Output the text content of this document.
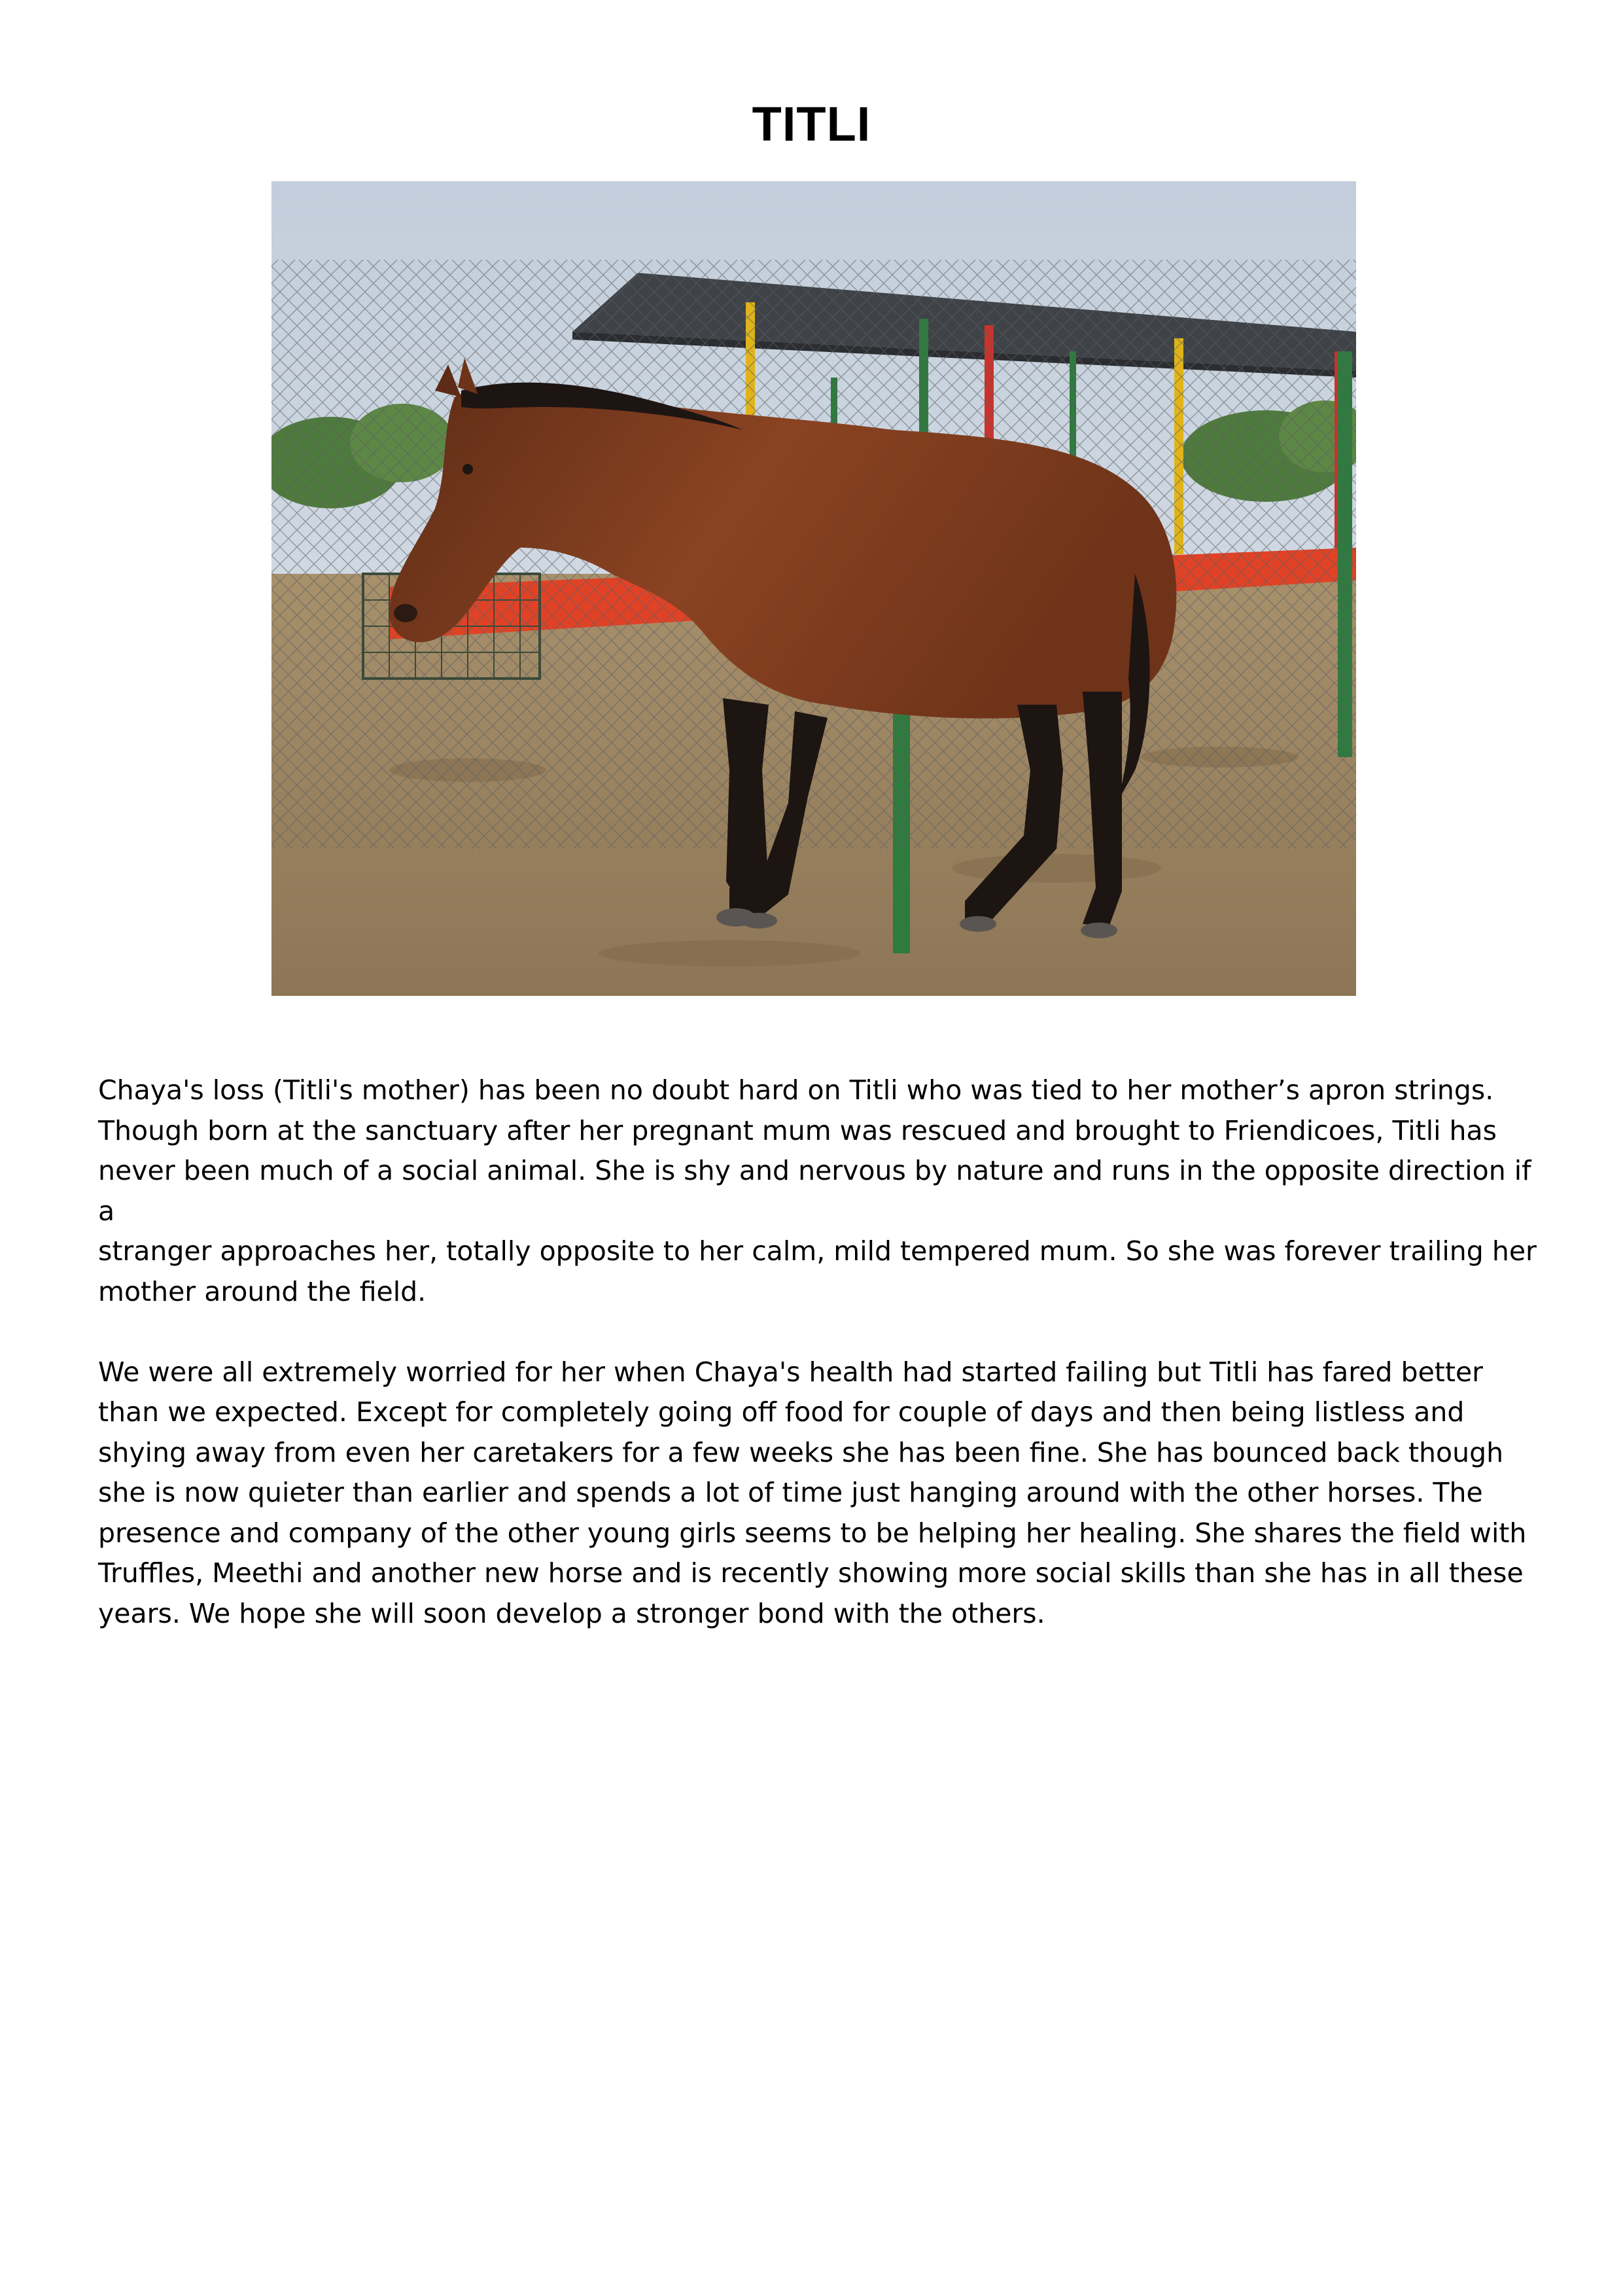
TITLI

Chaya's loss (Titli's mother) has been no doubt hard on Titli who was tied to her mother’s apron strings.
Though born at the sanctuary after her pregnant mum was rescued and brought to Friendicoes, Titli has
never been much of a social animal. She is shy and nervous by nature and runs in the opposite direction if a
stranger approaches her, totally opposite to her calm, mild tempered mum. So she was forever trailing her
mother around the field.

We were all extremely worried for her when Chaya's health had started failing but Titli has fared better
than we expected. Except for completely going off food for couple of days and then being listless and
shying away from even her caretakers for a few weeks she has been fine. She has bounced back though
she is now quieter than earlier and spends a lot of time just hanging around with the other horses. The
presence and company of the other young girls seems to be helping her healing. She shares the field with
Truffles, Meethi and another new horse and is recently showing more social skills than she has in all these
years. We hope she will soon develop a stronger bond with the others.
